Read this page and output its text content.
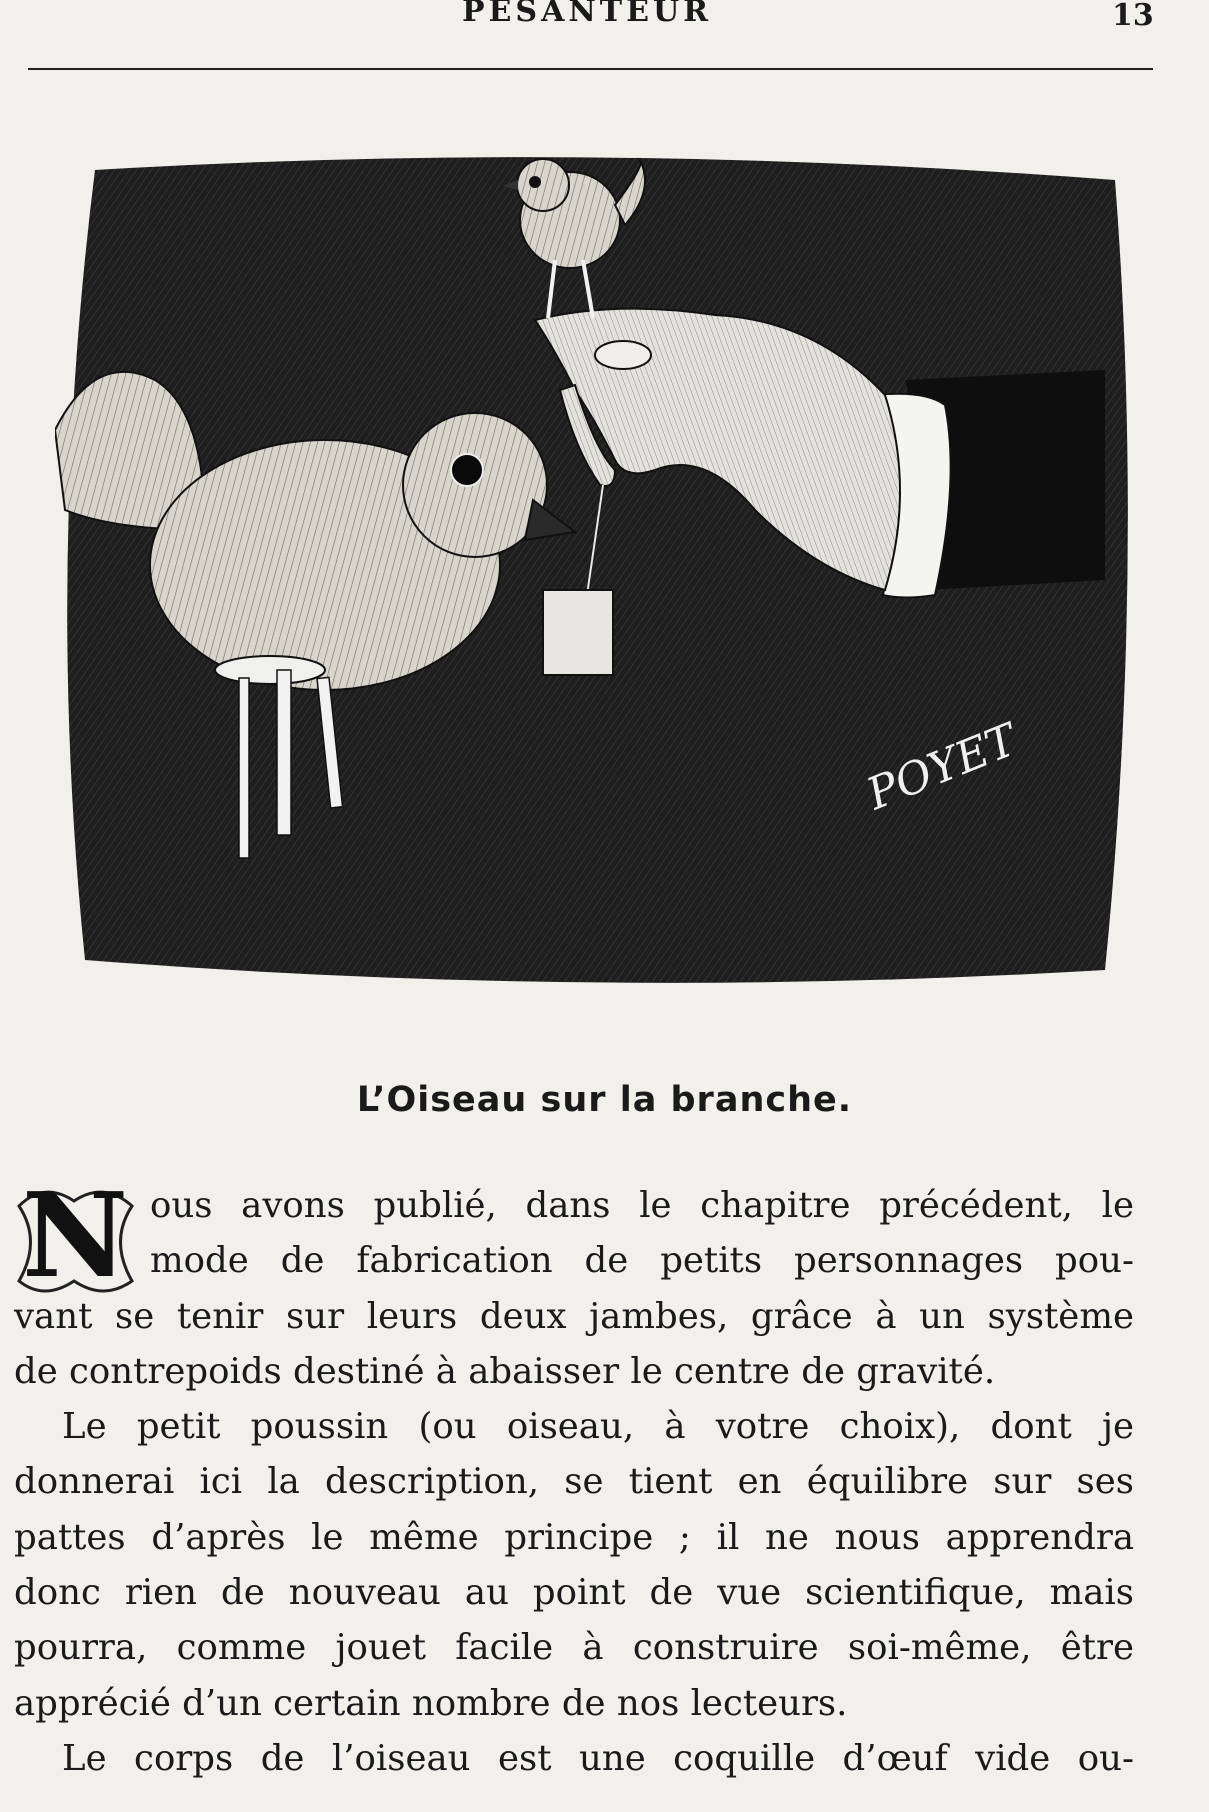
PESANTEUR	13
POYET
L’Oiseau sur la branche.
N ous avons publié, dans le chapitre précédent, le
mode de fabrication de petits personnages pou-
vant se tenir sur leurs deux jambes, grâce à un système
de contrepoids destiné à abaisser le centre de gravité.
Le petit poussin (ou oiseau, à votre choix), dont je
donnerai ici la description, se tient en équilibre sur ses
pattes d’après le même principe ; il ne nous apprendra
donc rien de nouveau au point de vue scientifique, mais
pourra, comme jouet facile à construire soi-même, être
apprécié d’un certain nombre de nos lecteurs.
Le corps de l’oiseau est une coquille d’œuf vide ou-
